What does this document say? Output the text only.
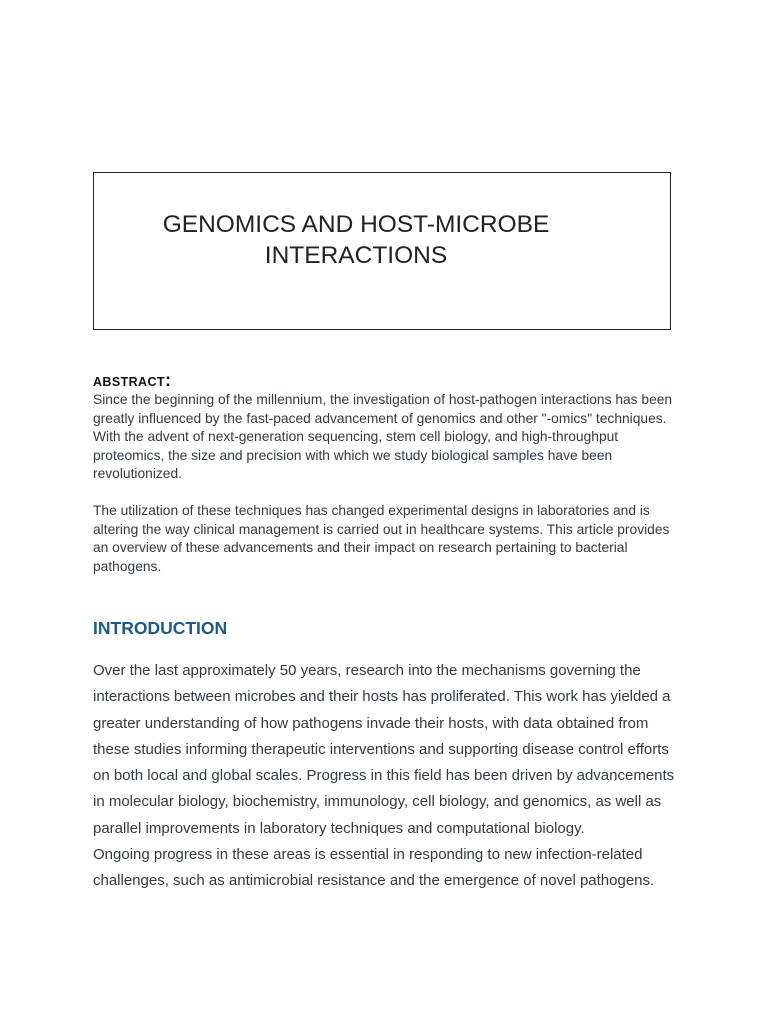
GENOMICS AND HOST-MICROBE
INTERACTIONS
ABSTRACT:

Since the beginning of the millennium, the investigation of host-pathogen interactions has been greatly influenced by the fast-paced advancement of genomics and other "-omics" techniques. With the advent of next-generation sequencing, stem cell biology, and high-throughput proteomics, the size and precision with which we study biological samples have been revolutionized.

The utilization of these techniques has changed experimental designs in laboratories and is altering the way clinical management is carried out in healthcare systems. This article provides an overview of these advancements and their impact on research pertaining to bacterial pathogens.

INTRODUCTION

Over the last approximately 50 years, research into the mechanisms governing the interactions between microbes and their hosts has proliferated. This work has yielded a greater understanding of how pathogens invade their hosts, with data obtained from these studies informing therapeutic interventions and supporting disease control efforts on both local and global scales. Progress in this field has been driven by advancements in molecular biology, biochemistry, immunology, cell biology, and genomics, as well as parallel improvements in laboratory techniques and computational biology.

Ongoing progress in these areas is essential in responding to new infection-related challenges, such as antimicrobial resistance and the emergence of novel pathogens.
